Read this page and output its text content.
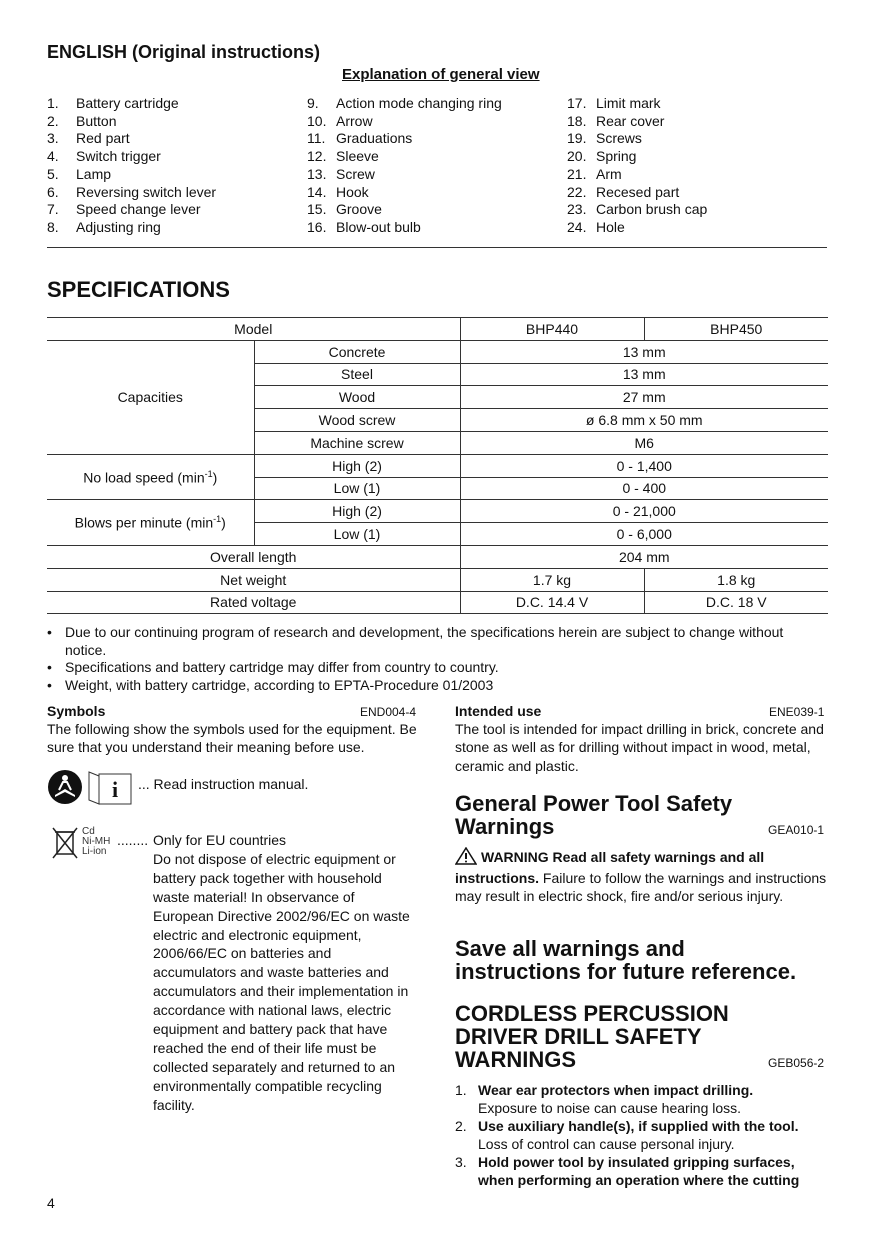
ENGLISH (Original instructions)
Explanation of general view
1.	Battery cartridge
2.	Button
3.	Red part
4.	Switch trigger
5.	Lamp
6.	Reversing switch lever
7.	Speed change lever
8.	Adjusting ring
9.	Action mode changing ring
10. Arrow
11. Graduations
12. Sleeve
13. Screw
14. Hook
15. Groove
16. Blow-out bulb
17. Limit mark
18. Rear cover
19. Screws
20. Spring
21. Arm
22. Recesed part
23. Carbon brush cap
24. Hole
SPECIFICATIONS
Model		BHP440	BHP450
Capacities	Concrete	13 mm	
	Steel	13 mm	
	Wood	27 mm	
	Wood screw	ø 6.8 mm x 50 mm	
	Machine screw	M6	
No load speed $(\min^{-1})$	High (2)	0 - 1,400	
	Low (1)	0 - 400	
Blows per minute $(\min^{-1})$	High (2)	0 - 21,000	
	Low (1)	0 - 6,000	
Overall length		204 mm	
Net weight		1.7 kg	1.8 kg
Rated voltage		D.C. 14.4 V	D.C. 18 V
• Due to our continuing program of research and development, the specifications herein are subject to change without notice.
• Specifications and battery cartridge may differ from country to country.
• Weight, with battery cartridge, according to EPTA-Procedure 01/2003
Symbols	END004-4
The following show the symbols used for the equipment. Be sure that you understand their meaning before use.
i ... Read instruction manual.
Cd
Ni-MH
Li-ion
........ Only for EU countries
Do not dispose of electric equipment or battery pack together with household waste material! In observance of European Directive 2002/96/EC on waste electric and electronic equipment, 2006/66/EC on batteries and accumulators and waste batteries and accumulators and their implementation in accordance with national laws, electric equipment and battery pack that have reached the end of their life must be collected separately and returned to an environmentally compatible recycling facility.
Intended use	ENE039-1
The tool is intended for impact drilling in brick, concrete and stone as well as for drilling without impact in wood, metal, ceramic and plastic.
General Power Tool Safety
Warnings	GEA010-1
WARNING Read all safety warnings and all instructions. Failure to follow the warnings and instructions may result in electric shock, fire and/or serious injury.
Save all warnings and
instructions for future reference.
CORDLESS PERCUSSION
DRIVER DRILL SAFETY
WARNINGS	GEB056-2
1. Wear ear protectors when impact drilling.
Exposure to noise can cause hearing loss.
2. Use auxiliary handle(s), if supplied with the tool.
Loss of control can cause personal injury.
3. Hold power tool by insulated gripping surfaces, when performing an operation where the cutting
4
